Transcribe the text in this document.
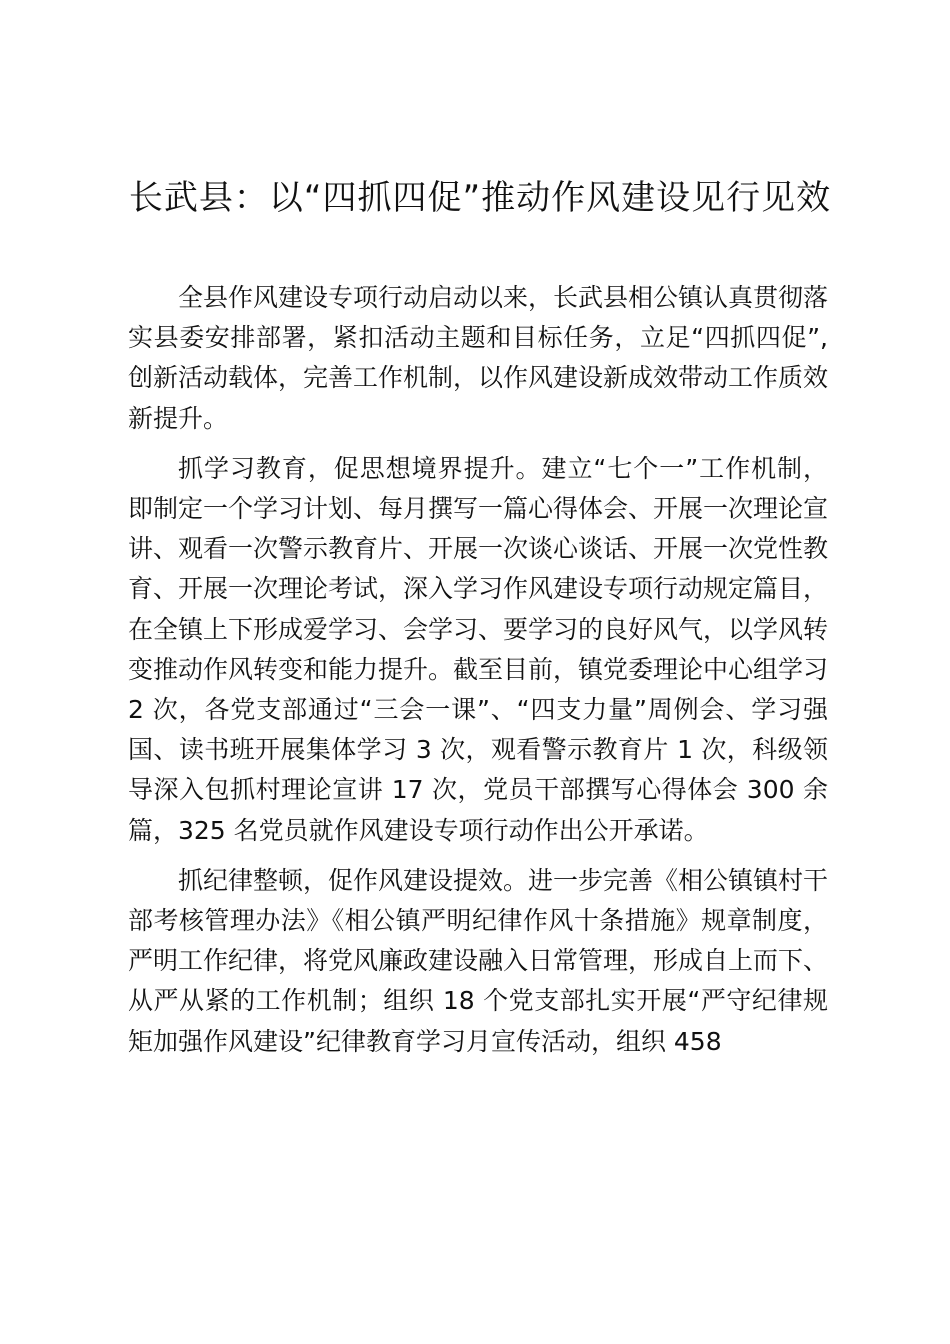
长武县：以“四抓四促”推动作风建设见行见效

全县作风建设专项行动启动以来，长武县相公镇认真贯彻落实县委安排部署，紧扣活动主题和目标任务，立足“四抓四促”,创新活动载体，完善工作机制，以作风建设新成效带动工作质效新提升。

抓学习教育，促思想境界提升。建立“七个一”工作机制，即制定一个学习计划、每月撰写一篇心得体会、开展一次理论宣讲、观看一次警示教育片、开展一次谈心谈话、开展一次党性教育、开展一次理论考试，深入学习作风建设专项行动规定篇目，在全镇上下形成爱学习、会学习、要学习的良好风气，以学风转变推动作风转变和能力提升。截至目前，镇党委理论中心组学习 2 次，各党支部通过“三会一课”、“四支力量”周例会、学习强国、读书班开展集体学习 3 次，观看警示教育片 1 次，科级领导深入包抓村理论宣讲 17 次，党员干部撰写心得体会 300 余篇，325 名党员就作风建设专项行动作出公开承诺。

抓纪律整顿，促作风建设提效。进一步完善《相公镇镇村干部考核管理办法》《相公镇严明纪律作风十条措施》规章制度，严明工作纪律，将党风廉政建设融入日常管理，形成自上而下、从严从紧的工作机制；组织 18 个党支部扎实开展“严守纪律规矩加强作风建设”纪律教育学习月宣传活动，组织 458
